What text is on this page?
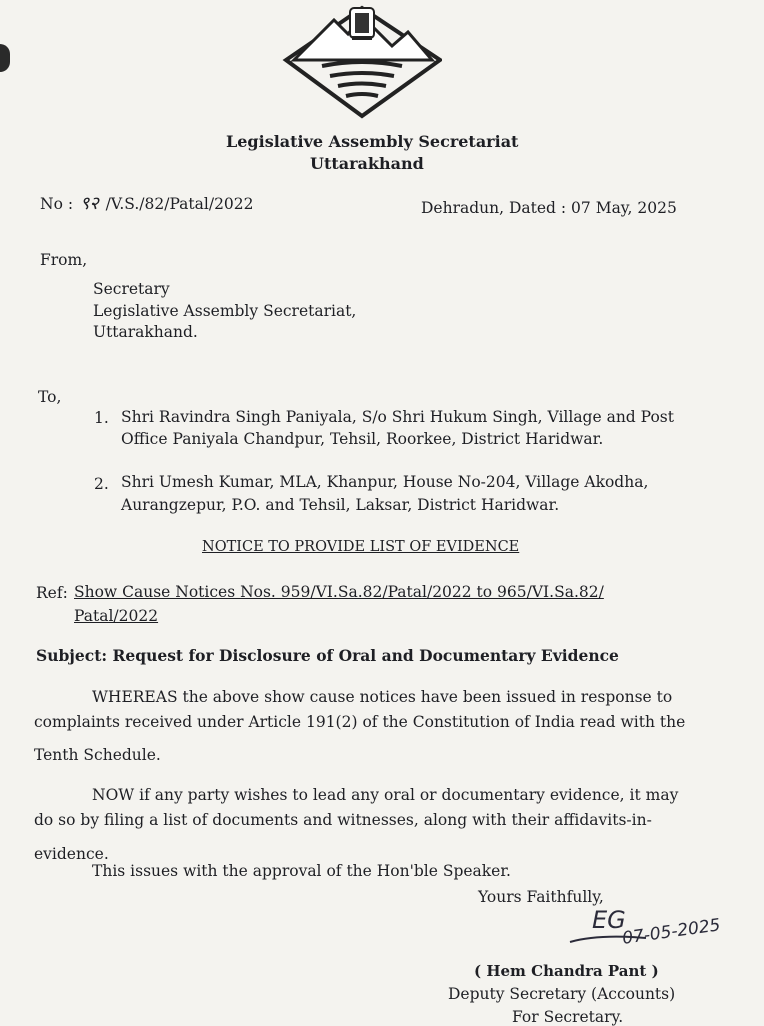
Legislative Assembly Secretariat
Uttarakhand
No : ९२ /V.S./82/Patal/2022	Dehradun, Dated : 07 May, 2025
From,
Secretary
Legislative Assembly Secretariat,
Uttarakhand.
To,
1. Shri Ravindra Singh Paniyala, S/o Shri Hukum Singh, Village and Post
Office Paniyala Chandpur, Tehsil, Roorkee, District Haridwar.
2. Shri Umesh Kumar, MLA, Khanpur, House No-204, Village Akodha,
Aurangzepur, P.O. and Tehsil, Laksar, District Haridwar.
NOTICE TO PROVIDE LIST OF EVIDENCE
Ref: Show Cause Notices Nos. 959/VI.Sa.82/Patal/2022 to 965/VI.Sa.82/
Patal/2022
Subject: Request for Disclosure of Oral and Documentary Evidence
WHEREAS the above show cause notices have been issued in response to
complaints received under Article 191(2) of the Constitution of India read with the
Tenth Schedule.
NOW if any party wishes to lead any oral or documentary evidence, it may
do so by filing a list of documents and witnesses, along with their affidavits-in-
evidence.
This issues with the approval of the Hon'ble Speaker.
Yours Faithfully,
EG
07-05-2025
( Hem Chandra Pant )
Deputy Secretary (Accounts)
For Secretary.
